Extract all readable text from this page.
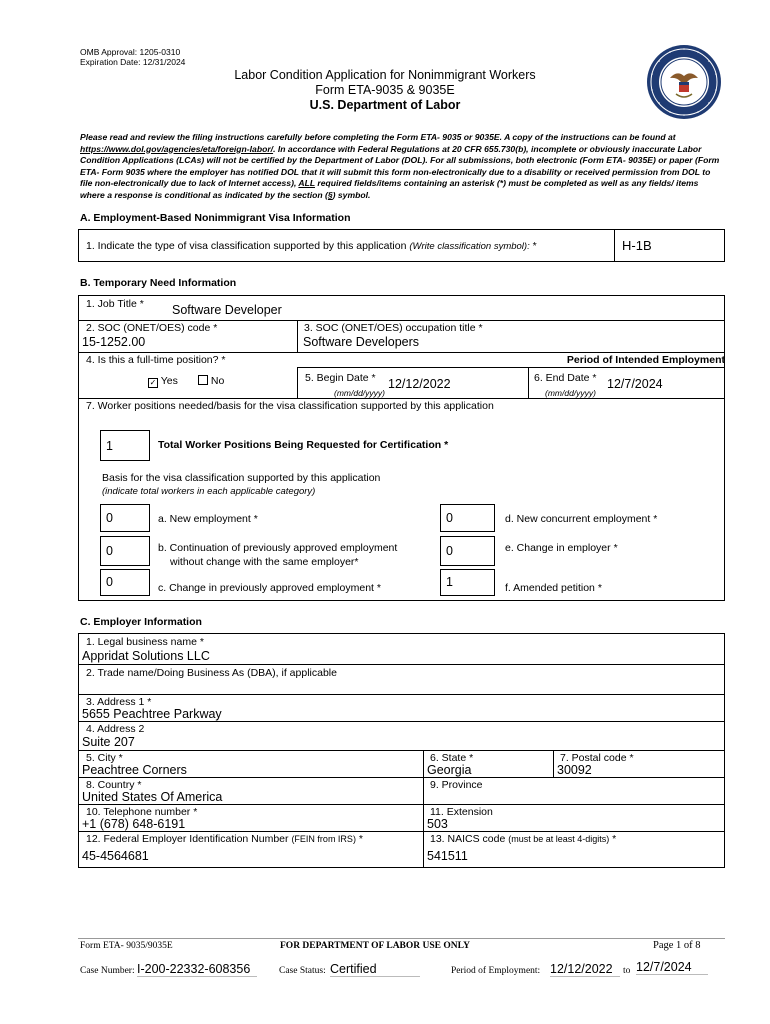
OMB Approval: 1205-0310
Expiration Date: 12/31/2024
Labor Condition Application for Nonimmigrant Workers
Form ETA-9035 & 9035E
U.S. Department of Labor
Please read and review the filing instructions carefully before completing the Form ETA- 9035 or 9035E. A copy of the instructions can be found at https://www.dol.gov/agencies/eta/foreign-labor/. In accordance with Federal Regulations at 20 CFR 655.730(b), incomplete or obviously inaccurate Labor Condition Applications (LCAs) will not be certified by the Department of Labor (DOL). For all submissions, both electronic (Form ETA- 9035E) or paper (Form ETA- Form 9035 where the employer has notified DOL that it will submit this form non-electronically due to a disability or received permission from DOL to file non-electronically due to lack of Internet access), ALL required fields/items containing an asterisk (*) must be completed as well as any fields/ items where a response is conditional as indicated by the section (§) symbol.
A. Employment-Based Nonimmigrant Visa Information
1. Indicate the type of visa classification supported by this application (Write classification symbol): *	H-1B
B. Temporary Need Information
1. Job Title * Software Developer
2. SOC (ONET/OES) code *
15-1252.00
3. SOC (ONET/OES) occupation title *
Software Developers
4. Is this a full-time position? *
✓ Yes	No
Period of Intended Employment
5. Begin Date *
(mm/dd/yyyy)
12/12/2022	6. End Date *
(mm/dd/yyyy)
12/7/2024
7. Worker positions needed/basis for the visa classification supported by this application
1	Total Worker Positions Being Requested for Certification *
Basis for the visa classification supported by this application
(indicate total workers in each applicable category)
0	a. New employment *
0	b. Continuation of previously approved employment
without change with the same employer*
0	c. Change in previously approved employment *
0	d. New concurrent employment *
0	e. Change in employer *
1	f. Amended petition *
C. Employer Information
1. Legal business name *
Appridat Solutions LLC
2. Trade name/Doing Business As (DBA), if applicable
3. Address 1 *
5655 Peachtree Parkway
4. Address 2
Suite 207
5. City *
Peachtree Corners
6. State *
Georgia
7. Postal code *
30092
8. Country *
United States Of America
9. Province
10. Telephone number *
+1 (678) 648-6191
11. Extension
503
12. Federal Employer Identification Number (FEIN from IRS) *
45-4564681
13. NAICS code (must be at least 4-digits) *
541511
Form ETA- 9035/9035E	FOR DEPARTMENT OF LABOR USE ONLY	Page 1 of 8
Case Number: I-200-22332-608356	Case Status: Certified	Period of Employment: 12/12/2022	to 12/7/2024
